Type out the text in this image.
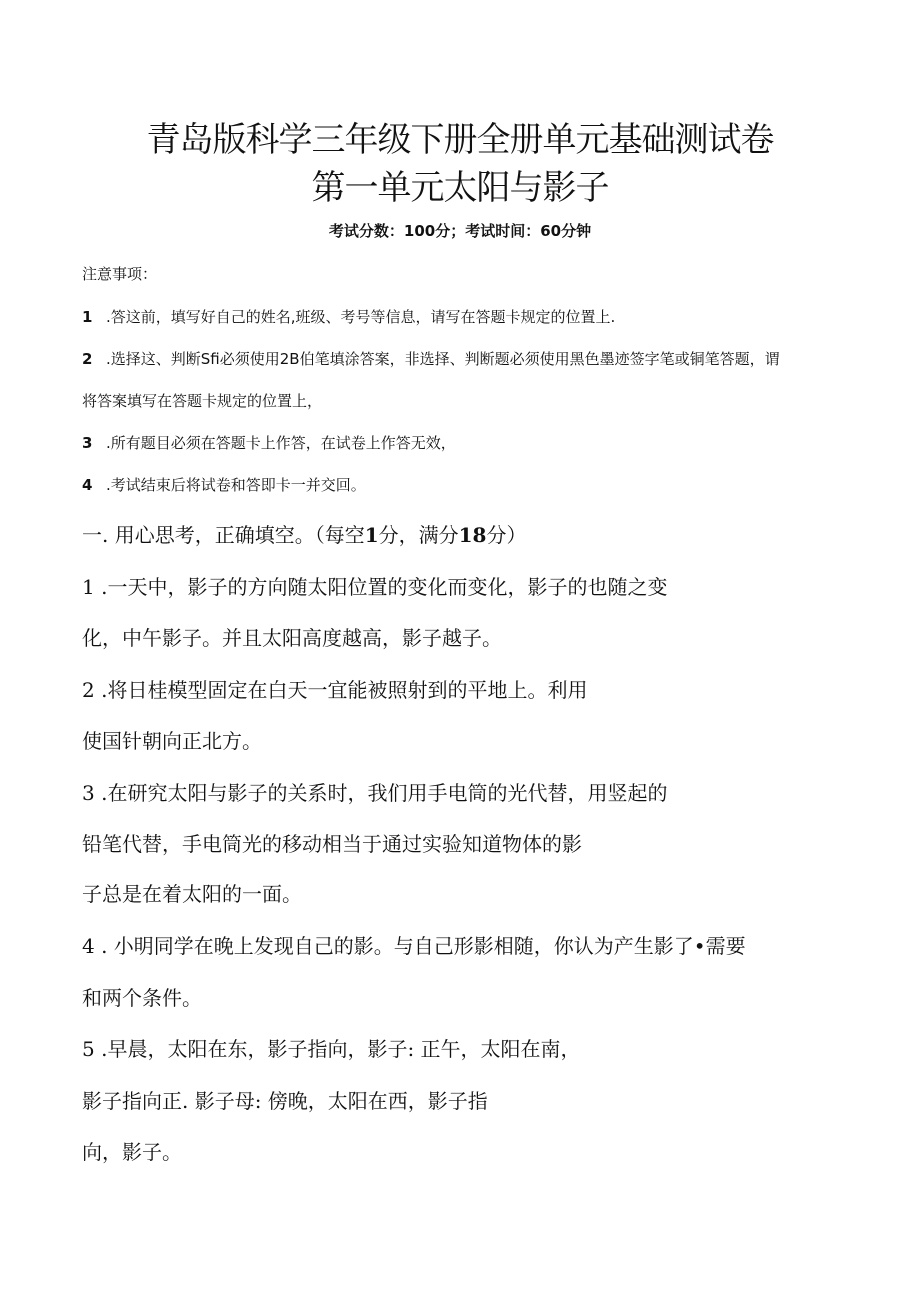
青岛版科学三年级下册全册单元基础测试卷
第一单元太阳与影子
考试分数：100分；考试时间：60分钟
注意事项：
1 .答这前，填写好自己的姓名,班级、考号等信息，请写在答题卡规定的位置上.
2 .选择这、判断Sfi必须使用2B伯笔填涂答案，非选择、判断题必须使用黑色墨迹签字笔或铜笔答题，谓
将答案填写在答题卡规定的位置上，
3 .所有题目必须在答题卡上作答，在试卷上作答无效，
4 .考试结束后将试卷和答即卡一并交回。
一. 用心思考，正确填空。（每空1分，满分18分）
1 .一天中，影子的方向随太阳位置的变化而变化，影子的也随之变
化，中午影子。并且太阳高度越高，影子越子。
2 .将日桂模型固定在白天一宜能被照射到的平地上。利用
使国针朝向正北方。
3 .在研究太阳与影子的关系时，我们用手电筒的光代替，用竖起的
铅笔代替，手电筒光的移动相当于通过实验知道物体的影
子总是在着太阳的一面。
4 . 小明同学在晚上发现自己的影。与自己形影相随，你认为产生影了•需要
和两个条件。
5 .早晨，太阳在东，影子指向，影子: 正午，太阳在南，
影子指向正. 影子母: 傍晚，太阳在西，影子指
向，影子。
